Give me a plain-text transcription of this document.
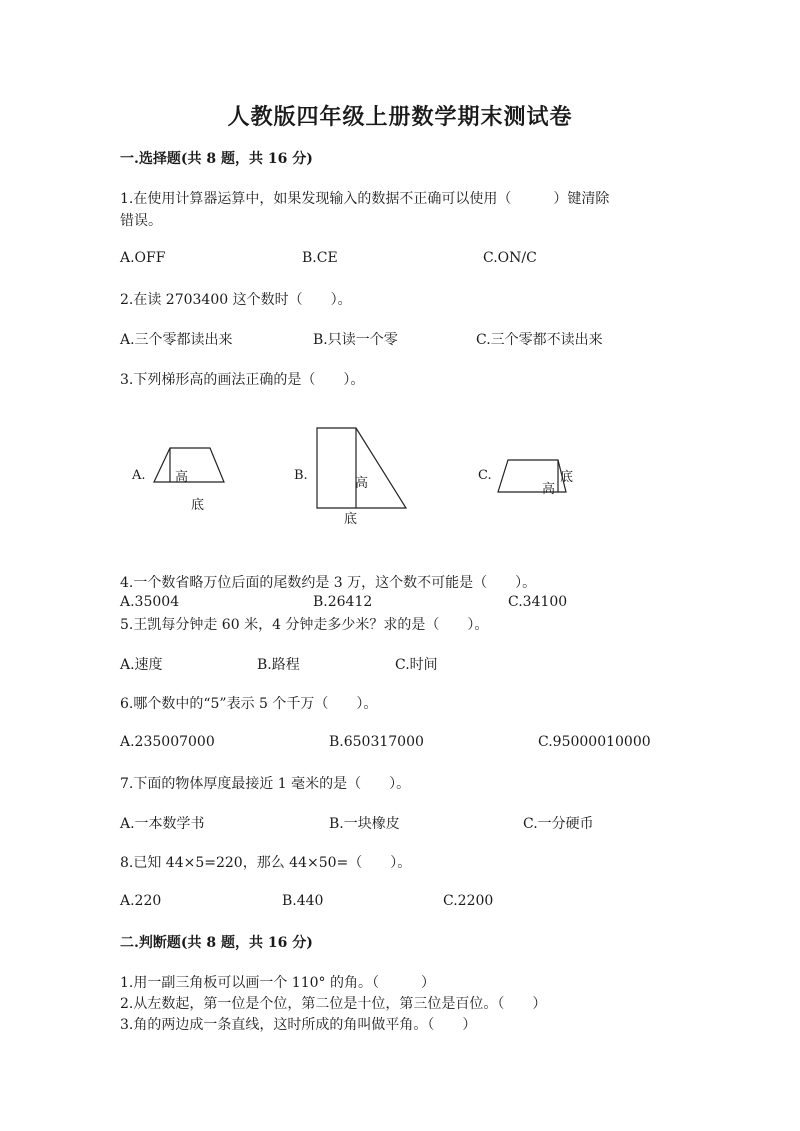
人教版四年级上册数学期末测试卷
一.选择题(共 8 题，共 16 分)
1.在使用计算器运算中，如果发现输入的数据不正确可以使用（　　　）键清除
错误。
A.OFF	B.CE	C.ON/C
2.在读 2703400 这个数时（　　）。
A.三个零都读出来	B.只读一个零	C.三个零都不读出来
3.下列梯形高的画法正确的是（　　）。
A. 高
底
B.
高
底
C.	底
高
4.一个数省略万位后面的尾数约是 3 万，这个数不可能是（　　）。
A.35004	B.26412	C.34100
5.王凯每分钟走 60 米，4 分钟走多少米？求的是（　　）。
A.速度	B.路程	C.时间
6.哪个数中的“5”表示 5 个千万（　　）。
A.235007000	B.650317000	C.95000010000
7.下面的物体厚度最接近 1 毫米的是（　　）。
A.一本数学书	B.一块橡皮	C.一分硬币
8.已知 44×5=220，那么 44×50=（　　）。
A.220	B.440	C.2200
二.判断题(共 8 题，共 16 分)
1.用一副三角板可以画一个 110° 的角。（　　　）
2.从左数起，第一位是个位，第二位是十位，第三位是百位。（　　）
3.角的两边成一条直线，这时所成的角叫做平角。（　　）
